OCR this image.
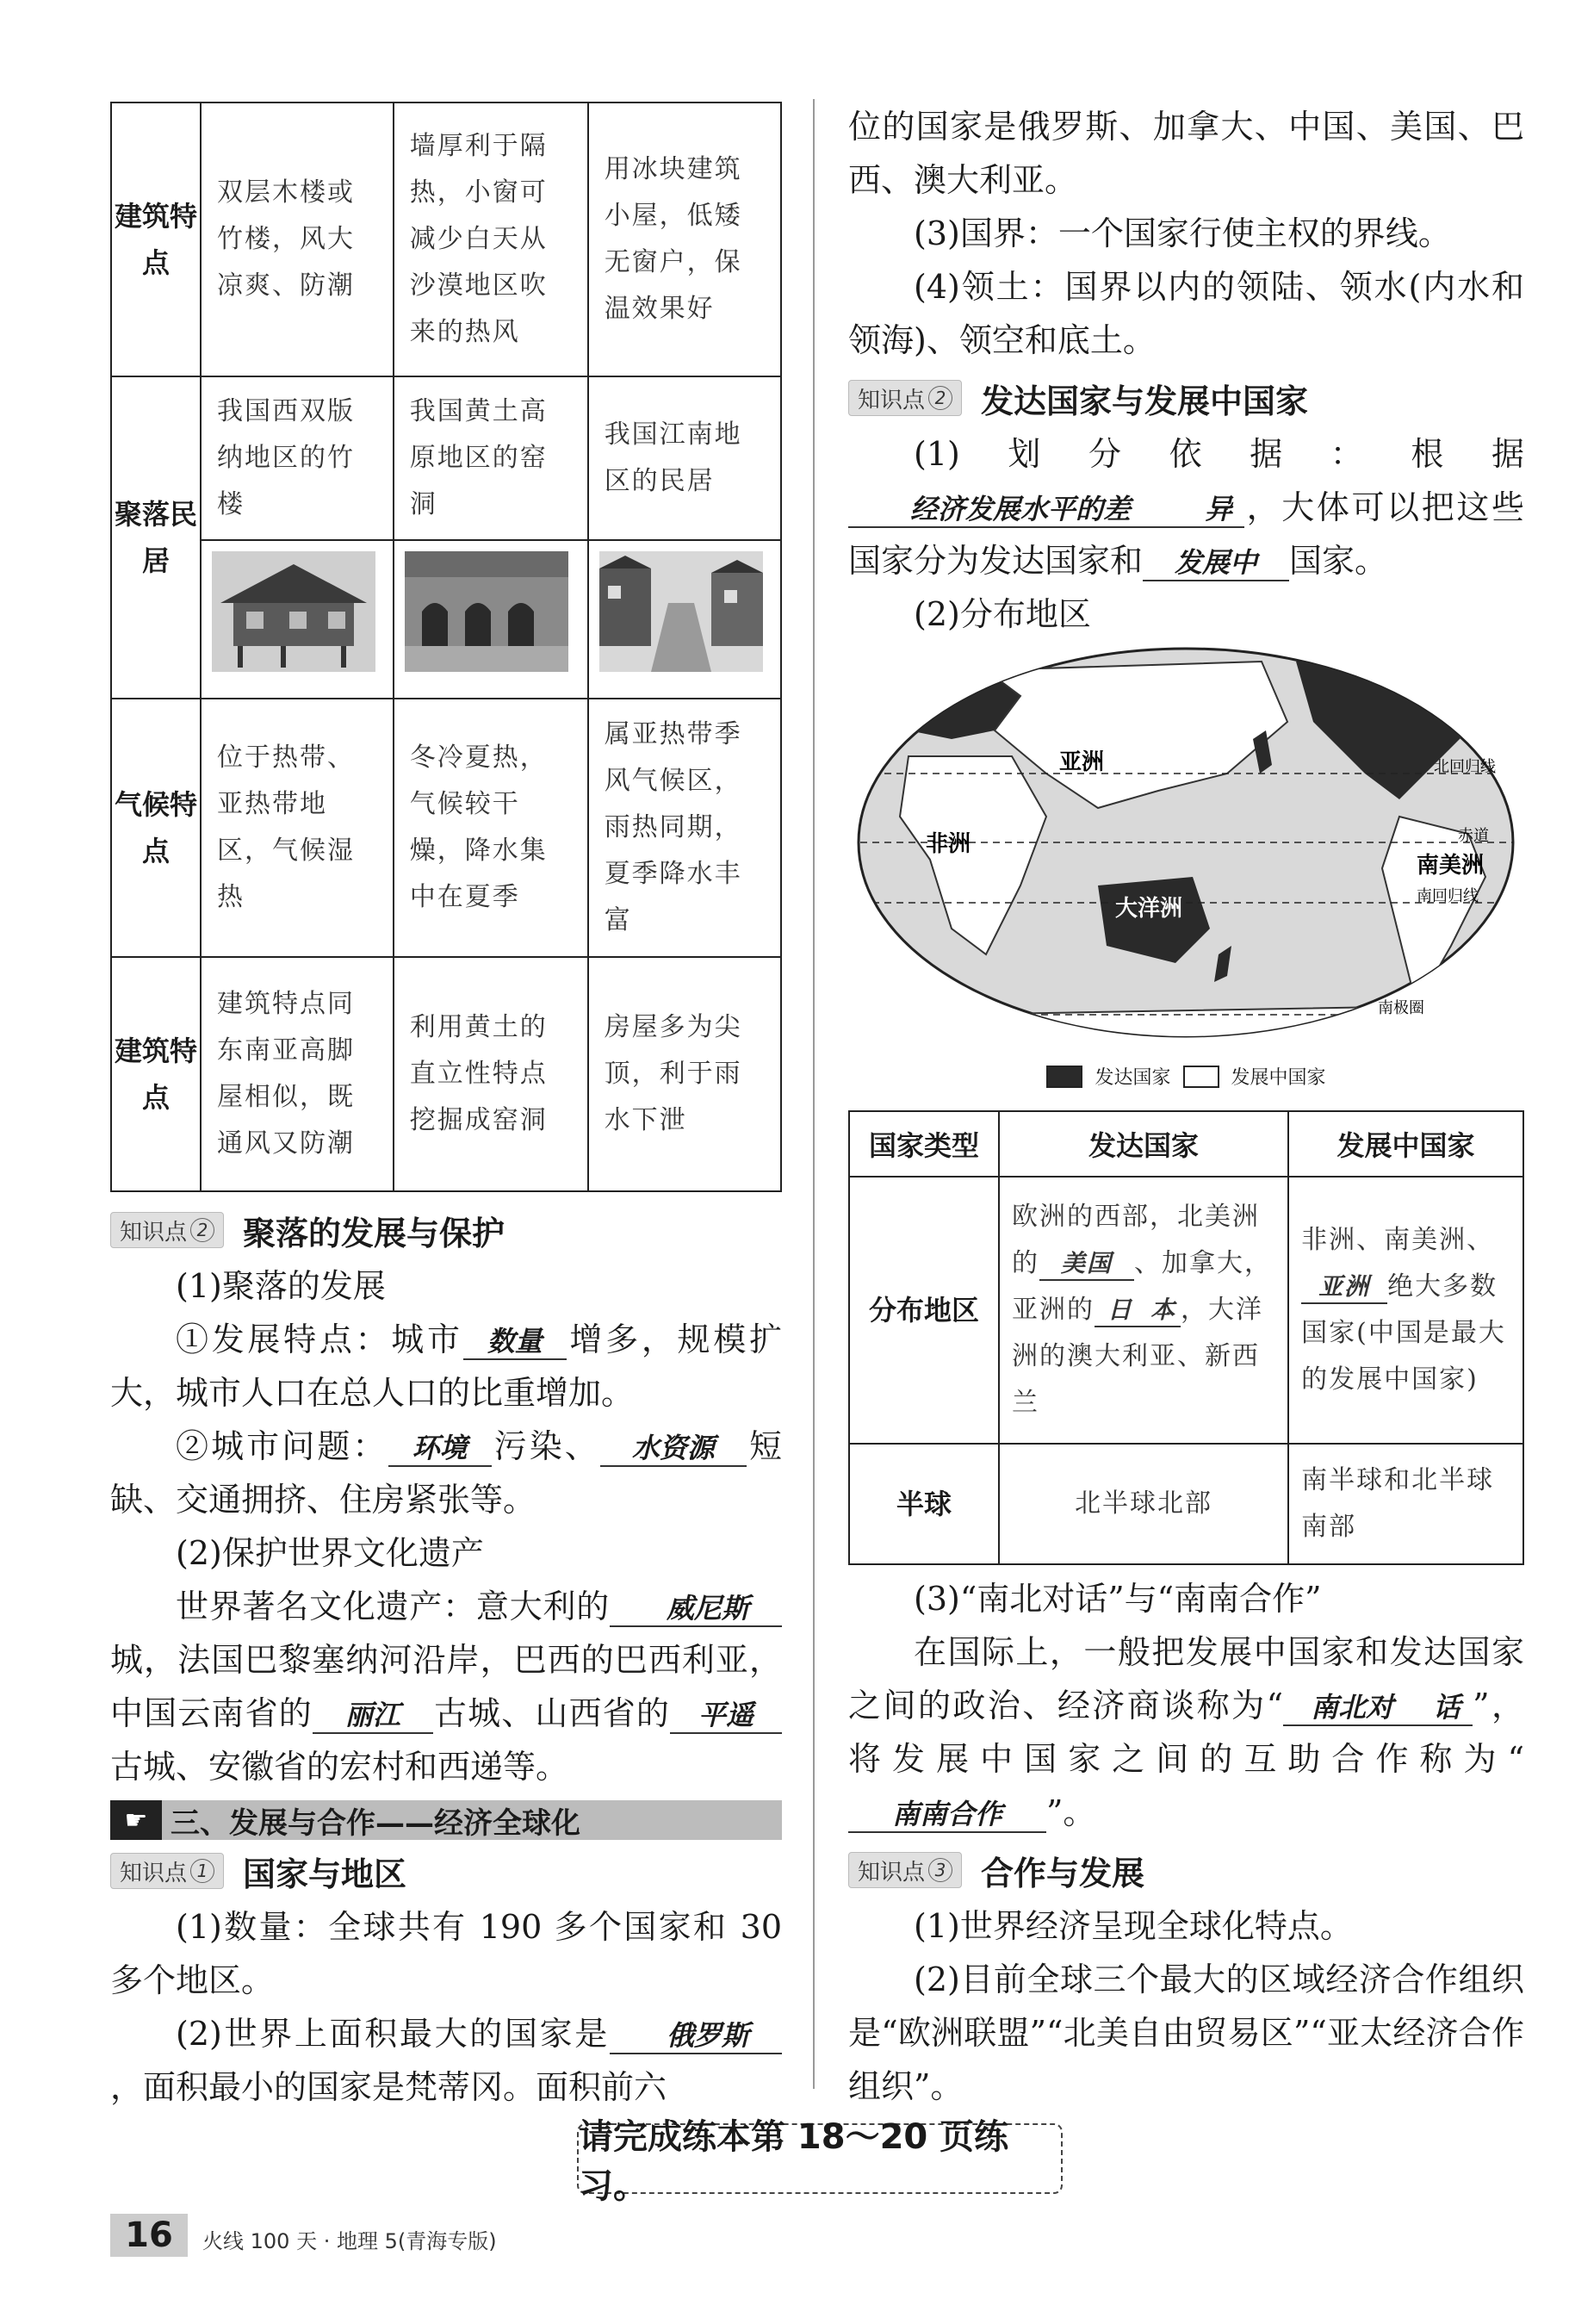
建筑特点	双层木楼或竹楼，风大凉爽、防潮	墙厚利于隔热，小窗可减少白天从沙漠地区吹来的热风	用冰块建筑小屋，低矮无窗户，保温效果好
聚落民居	我国西双版纳地区的竹楼	我国黄土高原地区的窑洞	我国江南地区的民居

气候特点	位于热带、亚热带地区，气候湿热	冬冷夏热，气候较干燥，降水集中在夏季	属亚热带季风气候区，雨热同期，夏季降水丰富
建筑特点	建筑特点同东南亚高脚屋相似，既通风又防潮	利用黄土的直立性特点挖掘成窑洞	房屋多为尖顶，利于雨水下泄
知识点 2 聚落的发展与保护

(1)聚落的发展

①发展特点：城市 数量 增多，规模扩大，城市人口在总人口的比重增加。

②城市问题： 环境 污染、 水资源 短缺、交通拥挤、住房紧张等。

(2)保护世界文化遗产

世界著名文化遗产：意大利的 威尼斯城，法国巴黎塞纳河沿岸，巴西的巴西利亚，中国云南省的 丽江 古城、山西省的 平遥古城、安徽省的宏村和西递等。

☛ 三、发展与合作——经济全球化
知识点 1 国家与地区

(1)数量：全球共有 190 多个国家和 30 多个地区。

(2)世界上面积最大的国家是 俄罗斯，面积最小的国家是梵蒂冈。面积前六

位的国家是俄罗斯、加拿大、中国、美国、巴西、澳大利亚。

(3)国界：一个国家行使主权的界线。

(4)领土：国界以内的领陆、领水(内水和领海)、领空和底土。

知识点 2 发达国家与发展中国家

(1)划分依据：根据经济发展水平的差	异 ，大体可以把这些国家分为发达国家和 发展中 国家。

(2)分布地区

亚洲
非洲
大洋洲
南美洲
北回归线
赤道
南回归线
南极圈
发达国家	发展中国家
国家类型	发达国家	发展中国家
分布地区	欧洲的西部，北美洲的 美国 、加拿大，亚洲的 日 本 ，大洋洲的澳大利亚、新西兰	非洲、南美洲、亚洲 绝大多数国家(中国是最大的发展中国家)
半球	北半球北部	南半球和北半球南部

(3)“南北对话”与“南南合作”

在国际上，一般把发展中国家和发达国家之间的政治、经济商谈称为“ 南北对 话 ”，将发展中国家之间的互助合作称为“南南合作 ”。

知识点 3 合作与发展

(1)世界经济呈现全球化特点。

(2)目前全球三个最大的区域经济合作组织是“欧洲联盟”“北美自由贸易区”“亚太经济合作组织”。

请完成练本第 18～20 页练习。
16	火线 100 天 · 地理 5(青海专版)
